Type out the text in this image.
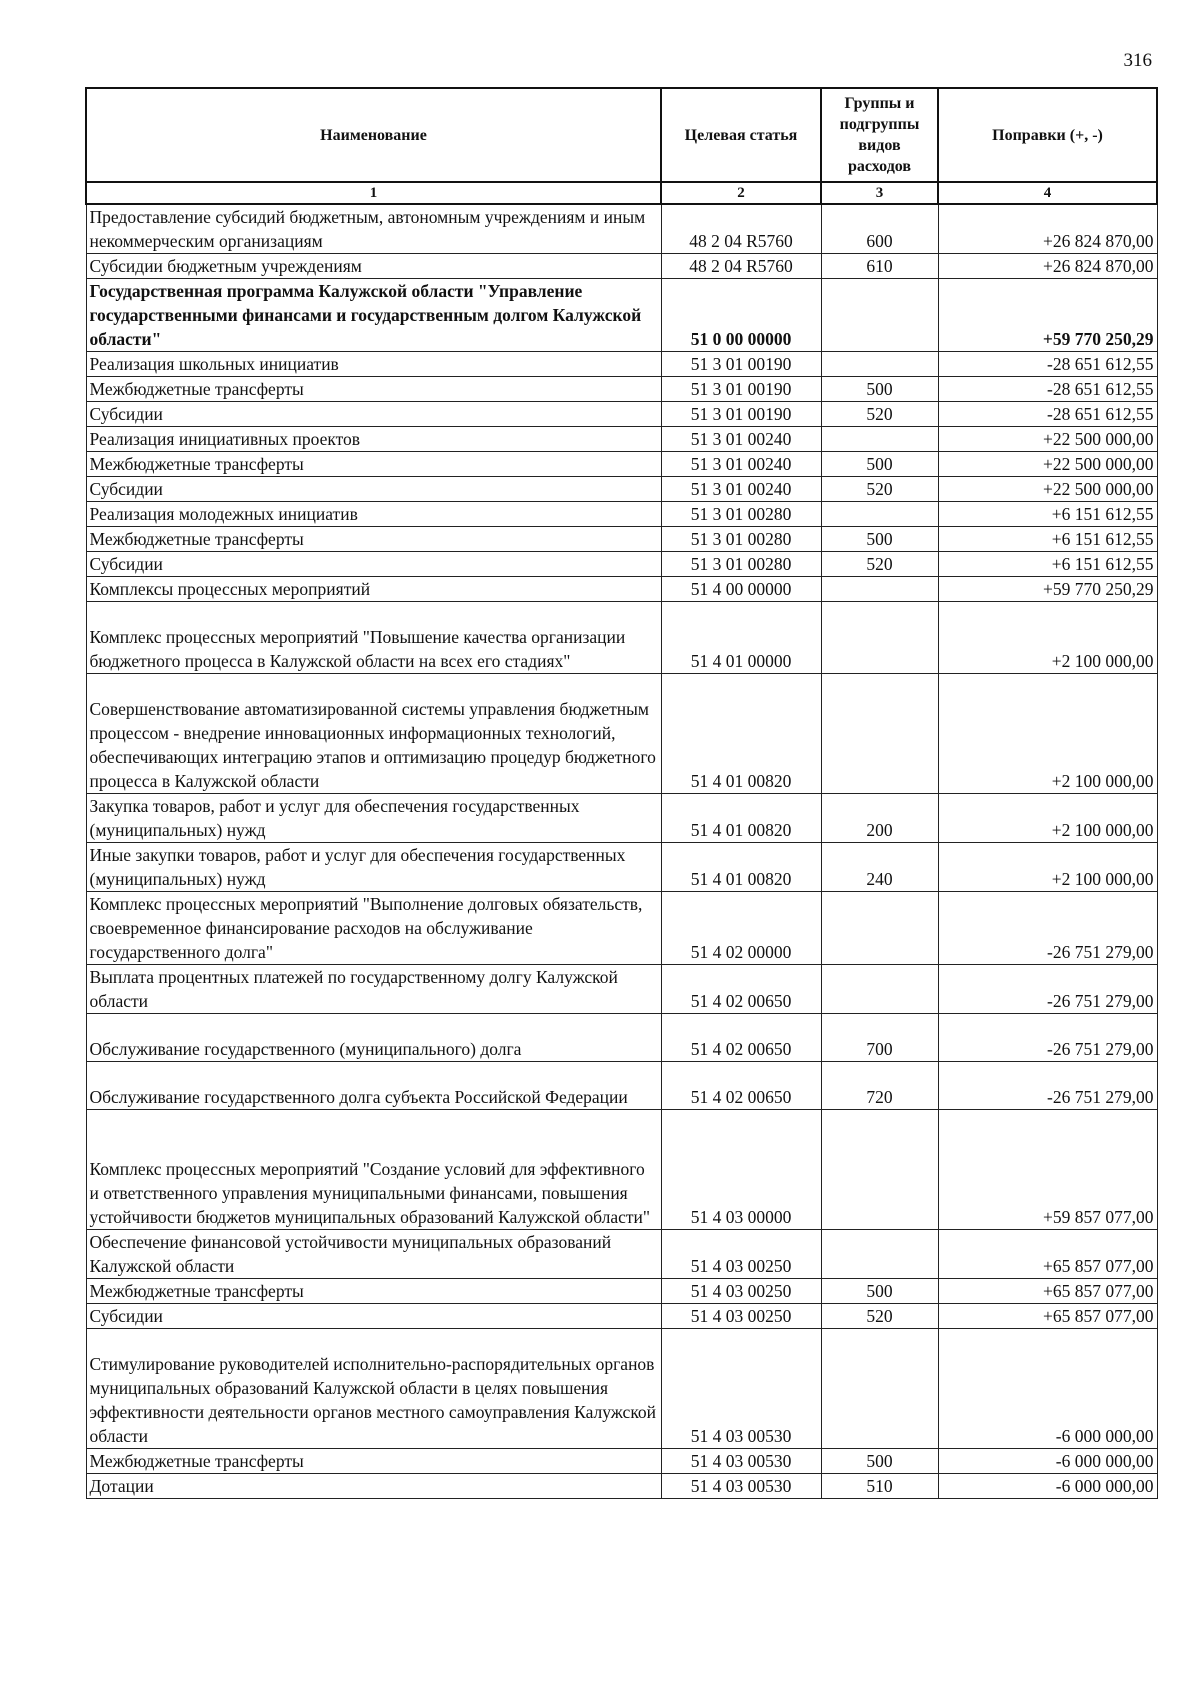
316
Наименование	Целевая статья	Группы и подгруппы видов расходов	Поправки (+, -)
1	2	3	4
Предоставление субсидий бюджетным, автономным учреждениям и иным некоммерческим организациям	48 2 04 R5760	600	+26 824 870,00
Субсидии бюджетным учреждениям	48 2 04 R5760	610	+26 824 870,00
Государственная программа Калужской области "Управление государственными финансами и государственным долгом Калужской области"	51 0 00 00000		+59 770 250,29
Реализация школьных инициатив	51 3 01 00190		-28 651 612,55
Межбюджетные трансферты	51 3 01 00190	500	-28 651 612,55
Субсидии	51 3 01 00190	520	-28 651 612,55
Реализация инициативных проектов	51 3 01 00240		+22 500 000,00
Межбюджетные трансферты	51 3 01 00240	500	+22 500 000,00
Субсидии	51 3 01 00240	520	+22 500 000,00
Реализация молодежных инициатив	51 3 01 00280		+6 151 612,55
Межбюджетные трансферты	51 3 01 00280	500	+6 151 612,55
Субсидии	51 3 01 00280	520	+6 151 612,55
Комплексы процессных мероприятий	51 4 00 00000		+59 770 250,29
Комплекс процессных мероприятий "Повышение качества организации бюджетного процесса в Калужской области на всех его стадиях"	51 4 01 00000		+2 100 000,00
Совершенствование автоматизированной системы управления бюджетным процессом - внедрение инновационных информационных технологий, обеспечивающих интеграцию этапов и оптимизацию процедур бюджетного процесса в Калужской области	51 4 01 00820		+2 100 000,00
Закупка товаров, работ и услуг для обеспечения государственных (муниципальных) нужд	51 4 01 00820	200	+2 100 000,00
Иные закупки товаров, работ и услуг для обеспечения государственных (муниципальных) нужд	51 4 01 00820	240	+2 100 000,00
Комплекс процессных мероприятий "Выполнение долговых обязательств, своевременное финансирование расходов на обслуживание государственного долга"	51 4 02 00000		-26 751 279,00
Выплата процентных платежей по государственному долгу Калужской области	51 4 02 00650		-26 751 279,00
Обслуживание государственного (муниципального) долга	51 4 02 00650	700	-26 751 279,00
Обслуживание государственного долга субъекта Российской Федерации	51 4 02 00650	720	-26 751 279,00
Комплекс процессных мероприятий "Создание условий для эффективного и ответственного управления муниципальными финансами, повышения устойчивости бюджетов муниципальных образований Калужской области"	51 4 03 00000		+59 857 077,00
Обеспечение финансовой устойчивости муниципальных образований Калужской области	51 4 03 00250		+65 857 077,00
Межбюджетные трансферты	51 4 03 00250	500	+65 857 077,00
Субсидии	51 4 03 00250	520	+65 857 077,00
Стимулирование руководителей исполнительно-распорядительных органов муниципальных образований Калужской области в целях повышения эффективности деятельности органов местного самоуправления Калужской области	51 4 03 00530		-6 000 000,00
Межбюджетные трансферты	51 4 03 00530	500	-6 000 000,00
Дотации	51 4 03 00530	510	-6 000 000,00
